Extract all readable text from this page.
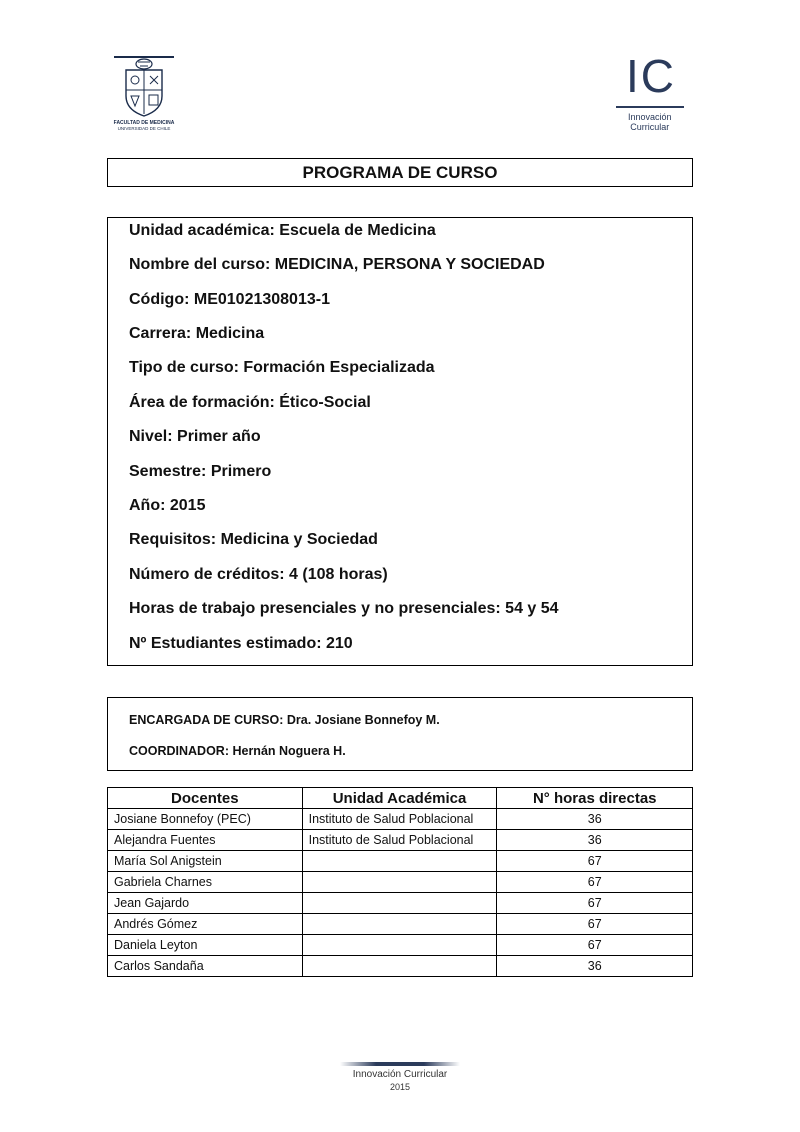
FACULTAD DE MEDICINA
UNIVERSIDAD DE CHILE
IC
Innovación
Curricular
PROGRAMA DE CURSO
Unidad académica: Escuela de Medicina
Nombre del curso: MEDICINA, PERSONA Y SOCIEDAD
Código: ME01021308013-1
Carrera: Medicina
Tipo de curso: Formación Especializada
Área de formación: Ético-Social
Nivel: Primer año
Semestre: Primero
Año: 2015
Requisitos: Medicina y Sociedad
Número de créditos: 4 (108 horas)
Horas de trabajo presenciales y no presenciales: 54 y 54
Nº Estudiantes estimado: 210
ENCARGADA DE CURSO: Dra. Josiane Bonnefoy M.
COORDINADOR: Hernán Noguera H.
Docentes	Unidad Académica	N° horas directas
Josiane Bonnefoy (PEC)	Instituto de Salud Poblacional	36
Alejandra Fuentes	Instituto de Salud Poblacional	36
María Sol Anigstein		67
Gabriela Charnes		67
Jean Gajardo		67
Andrés Gómez		67
Daniela Leyton		67
Carlos Sandaña		36
Innovación Curricular
2015
